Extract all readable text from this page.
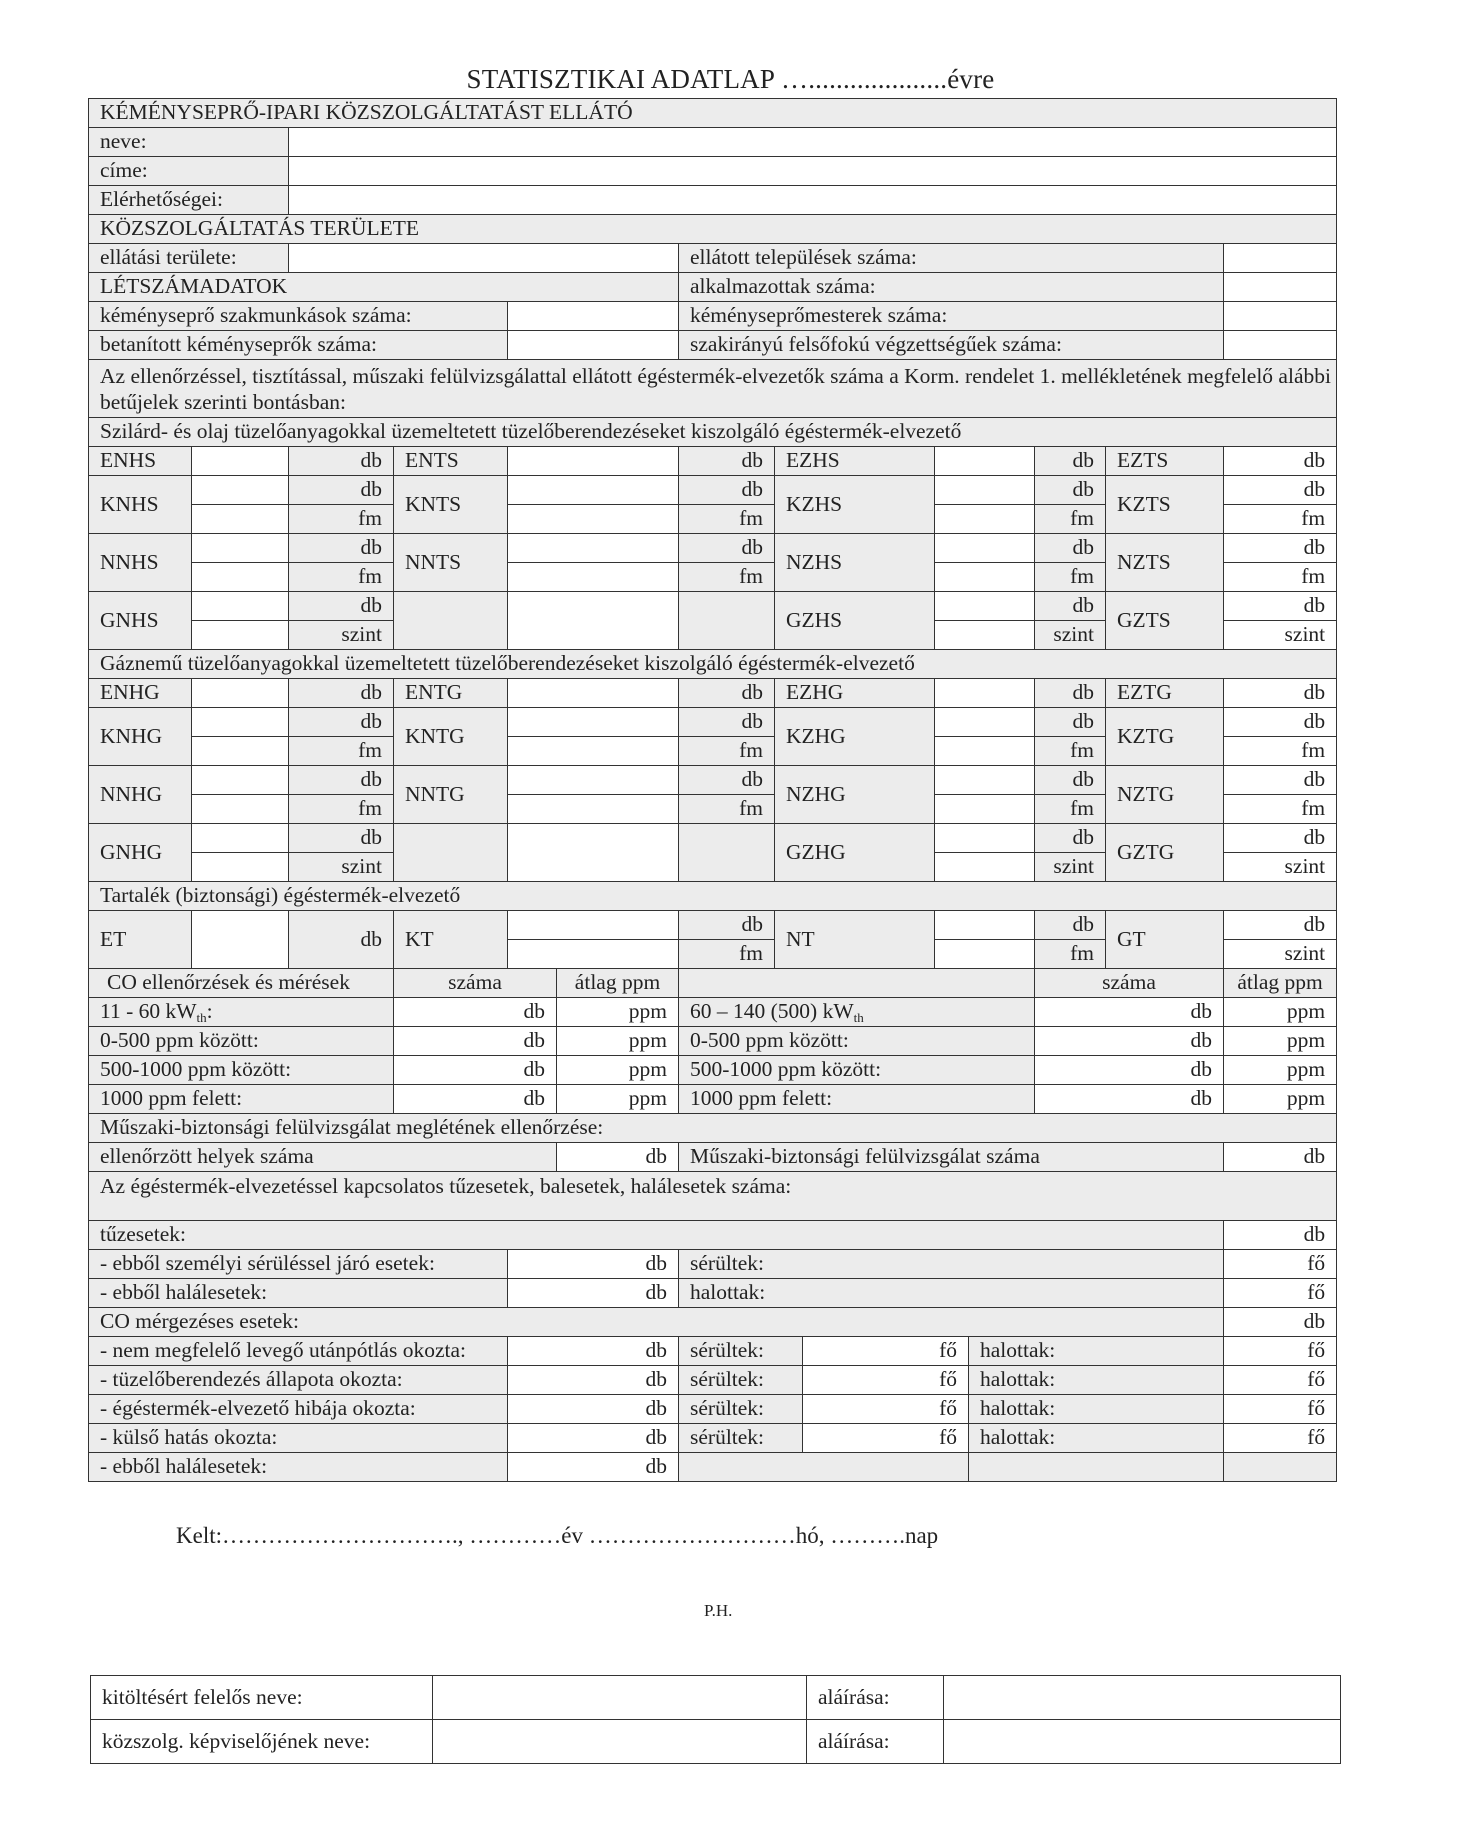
STATISZTIKAI ADATLAP …....................évre
KÉMÉNYSEPRŐ-IPARI KÖZSZOLGÁLTATÁST ELLÁTÓ													
neve:													
címe:													
Elérhetőségei:													
KÖZSZOLGÁLTATÁS TERÜLETE													
ellátási területe:						ellátott települések száma:							
LÉTSZÁMADATOK						alkalmazottak száma:							
kéményseprő szakmunkások száma:						kéményseprőmesterek száma:							
betanított kéményseprők száma:						szakirányú felsőfokú végzettségűek száma:							
Az ellenőrzéssel, tisztítással, műszaki felülvizsgálattal ellátott égéstermék-elvezetők száma a Korm. rendelet 1. mellékletének megfelelő alábbi betűjelek szerinti bontásban:													
Szilárd- és olaj tüzelőanyagokkal üzemeltetett tüzelőberendezéseket kiszolgáló égéstermék-elvezető													
ENHS		db	ENTS			db	EZHS				db	EZTS	db
KNHS		db	KNTS			db	KZHS				db	KZTS	db
		fm				fm					fm		fm
NNHS		db	NNTS			db	NZHS				db	NZTS	db
		fm				fm					fm		fm
GNHS		db					GZHS				db	GZTS	db
		szint									szint		szint
Gáznemű tüzelőanyagokkal üzemeltetett tüzelőberendezéseket kiszolgáló égéstermék-elvezető													
ENHG		db	ENTG			db	EZHG				db	EZTG	db
KNHG		db	KNTG			db	KZHG				db	KZTG	db
		fm				fm					fm		fm
NNHG		db	NNTG			db	NZHG				db	NZTG	db
		fm				fm					fm		fm
GNHG		db					GZHG				db	GZTG	db
		szint									szint		szint
Tartalék (biztonsági) égéstermék-elvezető													
ET		db	KT			db	NT				db	GT	db
						fm					fm		szint
CO ellenőrzések és mérések			száma		átlag ppm						száma		átlag ppm
11 - 60 $kW_{th}$:			db		ppm	60 – 140 (500) $kW_{th}$					db		ppm
0-500 ppm között:			db		ppm	0-500 ppm között:					db		ppm
500-1000 ppm között:			db		ppm	500-1000 ppm között:					db		ppm
1000 ppm felett:			db		ppm	1000 ppm felett:					db		ppm
Műszaki-biztonsági felülvizsgálat meglétének ellenőrzése:													
ellenőrzött helyek száma					db	Műszaki-biztonsági felülvizsgálat száma							db
Az égéstermék-elvezetéssel kapcsolatos tűzesetek, balesetek, halálesetek száma:													
tűzesetek:													db
- ebből személyi sérüléssel járó esetek:				db		sérültek:							fő
- ebből halálesetek:				db		halottak:							fő
CO mérgezéses esetek:													db
- nem megfelelő levegő utánpótlás okozta:				db		sérültek:		fő		halottak:			fő
- tüzelőberendezés állapota okozta:				db		sérültek:		fő		halottak:			fő
- égéstermék-elvezető hibája okozta:				db		sérültek:		fő		halottak:			fő
- külső hatás okozta:				db		sérültek:		fő		halottak:			fő
- ebből halálesetek:				db									
Kelt:…………………………., …………év ………………………hó, ……….nap
P.H.
kitöltésért felelős neve:		aláírása:	
közszolg. képviselőjének neve:		aláírása:	
